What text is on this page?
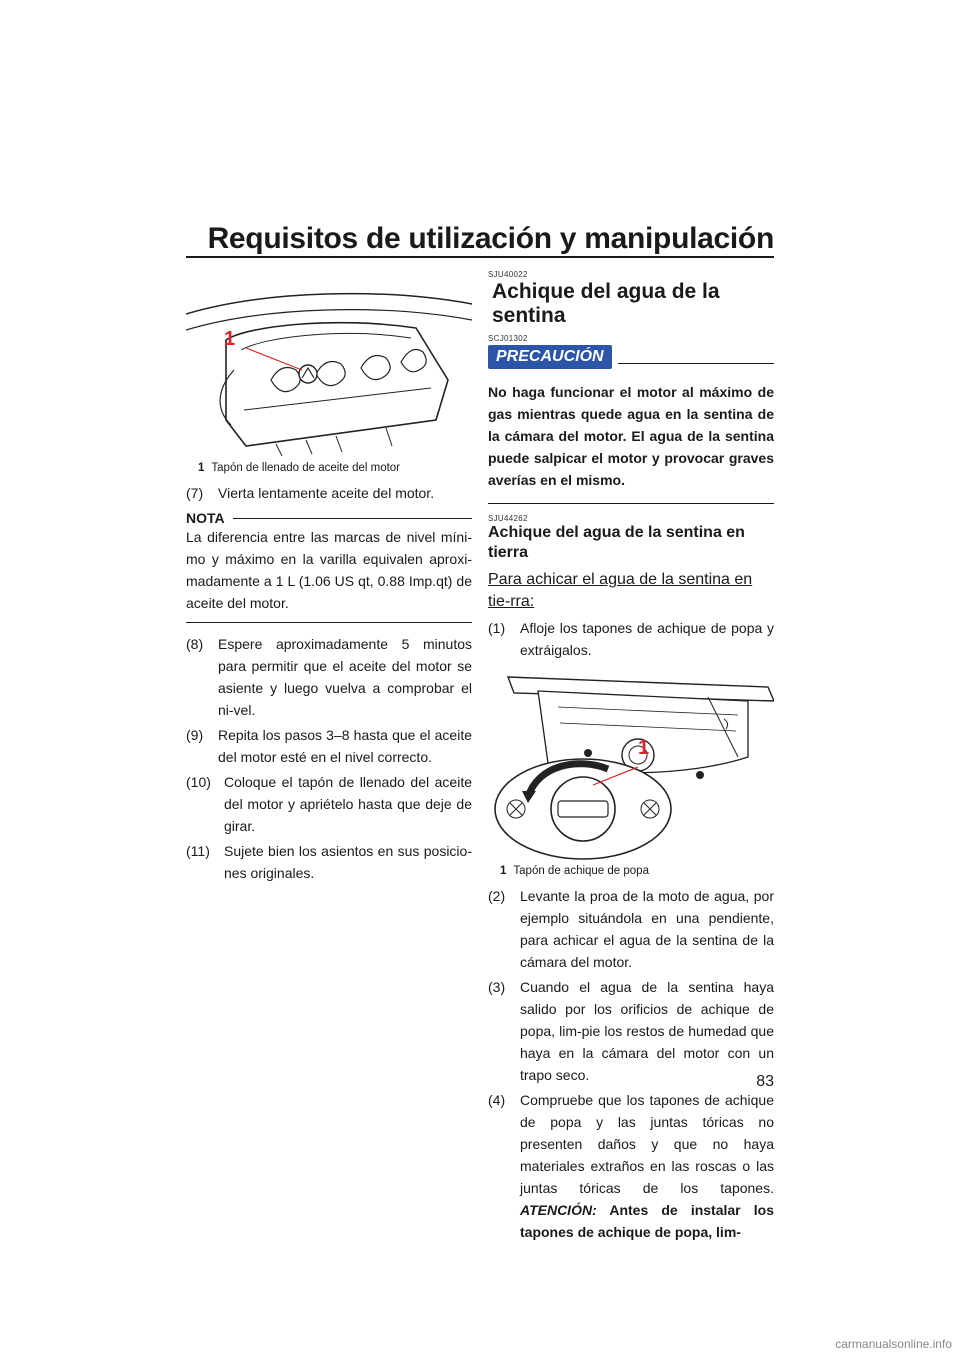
Requisitos de utilización y manipulación
1
1 Tapón de llenado de aceite del motor
(7)	Vierta lentamente aceite del motor.
NOTA

La diferencia entre las marcas de nivel míni-mo y máximo en la varilla equivalen aproxi-madamente a 1 L (1.06 US qt, 0.88 Imp.qt) de aceite del motor.

(8)	Espere aproximadamente 5 minutos para permitir que el aceite del motor se asiente y luego vuelva a comprobar el ni-vel.
(9)	Repita los pasos 3–8 hasta que el aceite del motor esté en el nivel correcto.
(10) Coloque el tapón de llenado del aceite del motor y apriételo hasta que deje de girar.
(11)	Sujete bien los asientos en sus posicio-nes originales.

SJU40022

Achique del agua de la sentina

SCJ01302

PRECAUCIÓN

No haga funcionar el motor al máximo de gas mientras quede agua en la sentina de la cámara del motor. El agua de la sentina puede salpicar el motor y provocar graves averías en el mismo.

SJU44262

Achique del agua de la sentina en tierra

Para achicar el agua de la sentina en tie-rra:

(1)	Afloje los tapones de achique de popa y extráigalos.
1
1 Tapón de achique de popa
(2)	Levante la proa de la moto de agua, por ejemplo situándola en una pendiente, para achicar el agua de la sentina de la cámara del motor.
(3)	Cuando el agua de la sentina haya salido por los orificios de achique de popa, lim-pie los restos de humedad que haya en la cámara del motor con un trapo seco.
(4)	Compruebe que los tapones de achique de popa y las juntas tóricas no presenten daños y que no haya materiales extraños en las roscas o las juntas tóricas de los tapones. ATENCIÓN: Antes de instalar los tapones de achique de popa, lim-

83

carmanualsonline.info
